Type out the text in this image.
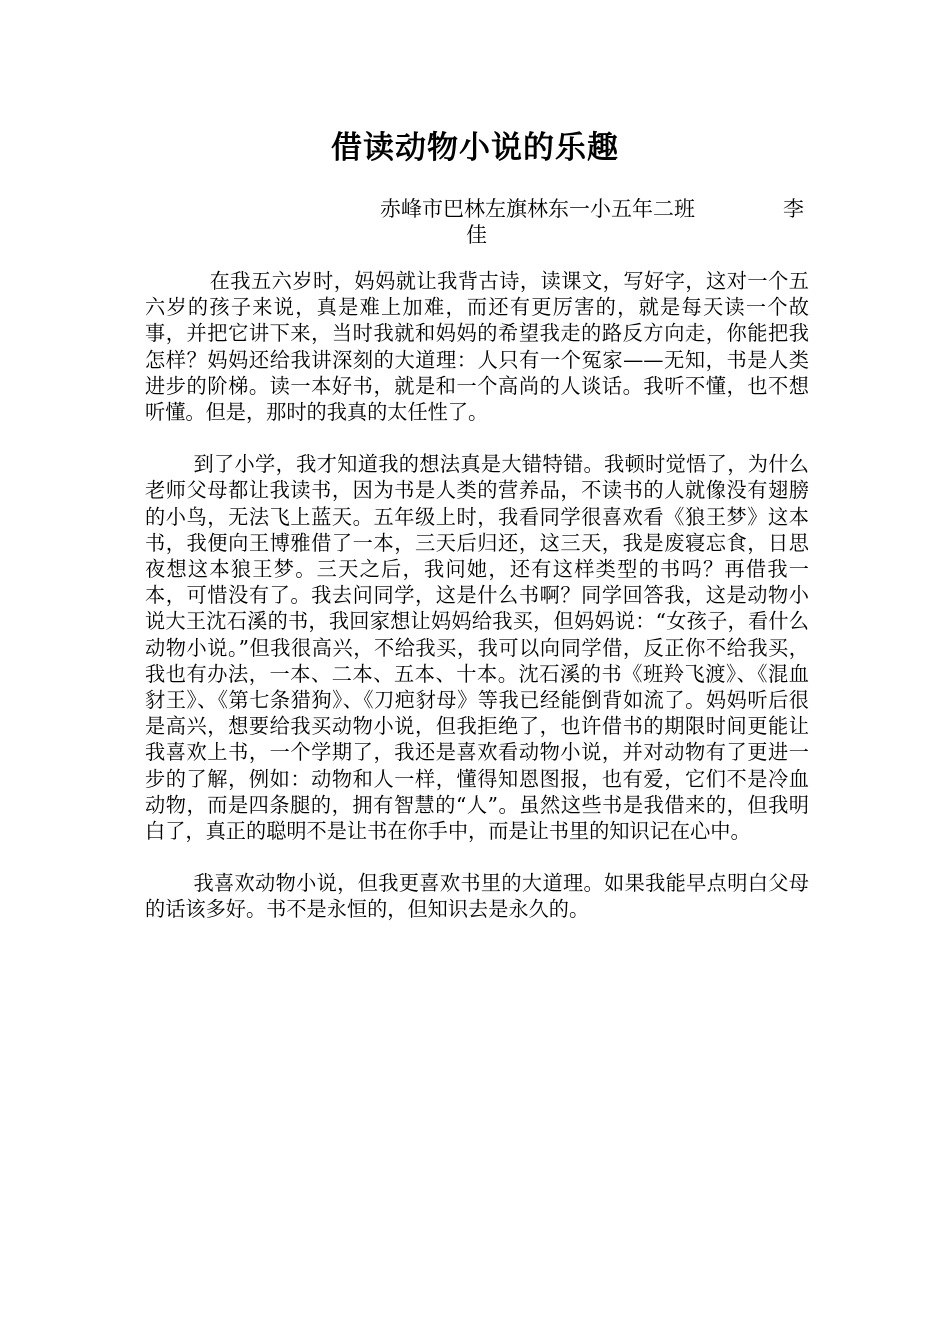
借读动物小说的乐趣
赤峰市巴林左旗林东一小五年二班	李
佳

在我五六岁时，妈妈就让我背古诗，读课文，写好字，这对一个五六岁的孩子来说，真是难上加难，而还有更厉害的，就是每天读一个故事，并把它讲下来，当时我就和妈妈的希望我走的路反方向走，你能把我怎样？妈妈还给我讲深刻的大道理：人只有一个冤家——无知，书是人类进步的阶梯。读一本好书，就是和一个高尚的人谈话。我听不懂，也不想听懂。但是，那时的我真的太任性了。

到了小学，我才知道我的想法真是大错特错。我顿时觉悟了，为什么老师父母都让我读书，因为书是人类的营养品，不读书的人就像没有翅膀的小鸟，无法飞上蓝天。五年级上时，我看同学很喜欢看《狼王梦》这本书，我便向王博雅借了一本，三天后归还，这三天，我是废寝忘食，日思夜想这本狼王梦。三天之后，我问她，还有这样类型的书吗？再借我一本，可惜没有了。我去问同学，这是什么书啊？同学回答我，这是动物小说大王沈石溪的书，我回家想让妈妈给我买，但妈妈说：“女孩子，看什么动物小说。”但我很高兴，不给我买，我可以向同学借，反正你不给我买，我也有办法，一本、二本、五本、十本。沈石溪的书《班羚飞渡》、《混血豺王》、《第七条猎狗》、《刀疤豺母》等我已经能倒背如流了。妈妈听后很是高兴，想要给我买动物小说，但我拒绝了，也许借书的期限时间更能让我喜欢上书，一个学期了，我还是喜欢看动物小说，并对动物有了更进一步的了解，例如：动物和人一样，懂得知恩图报，也有爱，它们不是冷血动物，而是四条腿的，拥有智慧的“人”。虽然这些书是我借来的，但我明白了，真正的聪明不是让书在你手中，而是让书里的知识记在心中。

我喜欢动物小说，但我更喜欢书里的大道理。如果我能早点明白父母的话该多好。书不是永恒的，但知识去是永久的。
